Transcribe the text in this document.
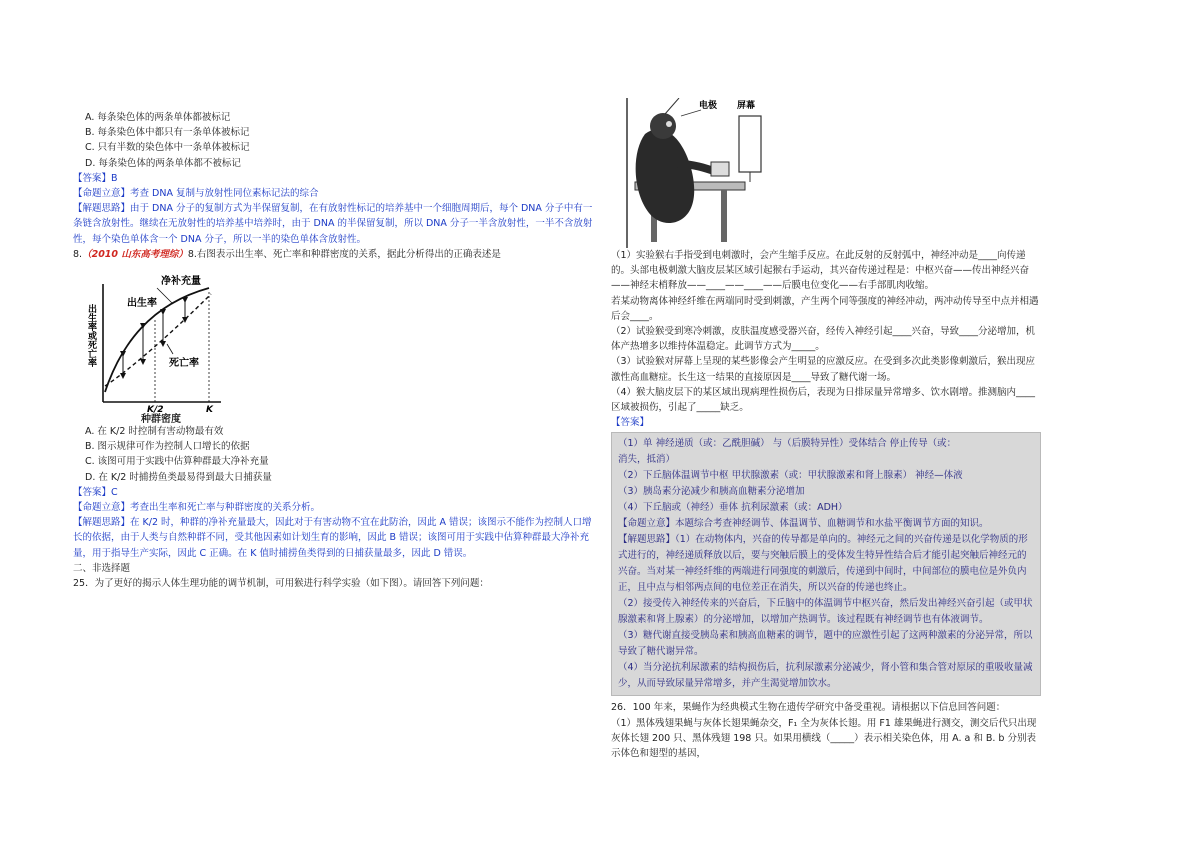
A. 每条染色体的两条单体都被标记
B. 每条染色体中都只有一条单体被标记
C. 只有半数的染色体中一条单体被标记
D. 每条染色体的两条单体都不被标记
【答案】B
【命题立意】考查 DNA 复制与放射性同位素标记法的综合
【解题思路】由于 DNA 分子的复制方式为半保留复制，在有放射性标记的培养基中一个细胞周期后，每个 DNA 分子中有一条链含放射性。继续在无放射性的培养基中培养时，由于 DNA 的半保留复制，所以 DNA 分子一半含放射性，一半不含放射性，每个染色单体含一个 DNA 分子，所以一半的染色单体含放射性。
8.（2010 山东高考理综）8.右图表示出生率、死亡率和种群密度的关系，据此分析得出的正确表述是
净补充量
出生率
死亡率
K/2	K
出生率或死亡率
种群密度
A. 在 K/2 时控制有害动物最有效
B. 图示规律可作为控制人口增长的依据
C. 该图可用于实践中估算种群最大净补充量
D. 在 K/2 时捕捞鱼类最易得到最大日捕获量
【答案】C
【命题立意】考查出生率和死亡率与种群密度的关系分析。
【解题思路】在 K/2 时，种群的净补充量最大，因此对于有害动物不宜在此防治，因此 A 错误；该图示不能作为控制人口增长的依据，由于人类与自然种群不同，受其他因素如计划生育的影响，因此 B 错误；该图可用于实践中估算种群最大净补充量，用于指导生产实际，因此 C 正确。在 K 值时捕捞鱼类得到的日捕获量最多，因此 D 错误。
二、非选择题
25．为了更好的揭示人体生理功能的调节机制，可用猴进行科学实验（如下图）。请回答下列问题：
电极 屏幕
（1）实验猴右手指受到电刺激时，会产生缩手反应。在此反射的反射弧中，神经冲动是____向传递的。头部电极刺激大脑皮层某区域引起猴右手运动，其兴奋传递过程是：中枢兴奋——传出神经兴奋——神经末梢释放——____——____——后膜电位变化——右手部肌肉收缩。
若某动物离体神经纤维在两端同时受到刺激，产生两个同等强度的神经冲动，两冲动传导至中点并相遇后会____。
（2）试验猴受到寒冷刺激，皮肤温度感受器兴奋，经传入神经引起____兴奋，导致____分泌增加，机体产热增多以维持体温稳定。此调节方式为_____。
（3）试验猴对屏幕上呈现的某些影像会产生明显的应激反应。在受到多次此类影像刺激后，猴出现应激性高血糖症。长生这一结果的直接原因是____导致了糖代谢一场。
（4）猴大脑皮层下的某区域出现病理性损伤后，表现为日排尿量异常增多、饮水剧增。推测脑内____区域被损伤，引起了_____缺乏。
【答案】
（1）单 神经递质（或：乙酰胆碱） 与（后膜特异性）受体结合 停止传导（或：
消失，抵消）
（2）下丘脑体温调节中枢 甲状腺激素（或：甲状腺激素和肾上腺素） 神经—体液
（3）胰岛素分泌减少和胰高血糖素分泌增加
（4）下丘脑或（神经）垂体 抗利尿激素（或：ADH）
【命题立意】本题综合考查神经调节、体温调节、血糖调节和水盐平衡调节方面的知识。
【解题思路】（1）在动物体内，兴奋的传导都是单向的。神经元之间的兴奋传递是以化学物质的形式进行的，神经递质释放以后，要与突触后膜上的受体发生特异性结合后才能引起突触后神经元的兴奋。当对某一神经纤维的两端进行同强度的刺激后，传递到中间时，中间部位的膜电位是外负内正，且中点与相邻两点间的电位差正在消失，所以兴奋的传递也终止。
（2）接受传入神经传来的兴奋后，下丘脑中的体温调节中枢兴奋，然后发出神经兴奋引起（或甲状腺激素和肾上腺素）的分泌增加，以增加产热调节。该过程既有神经调节也有体液调节。
（3）糖代谢直接受胰岛素和胰高血糖素的调节，题中的应激性引起了这两种激素的分泌异常，所以导致了糖代谢异常。
（4）当分泌抗利尿激素的结构损伤后，抗利尿激素分泌减少，肾小管和集合管对原尿的重吸收量减少，从而导致尿量异常增多，并产生渴觉增加饮水。
26．100 年来，果蝇作为经典模式生物在遗传学研究中备受重视。请根据以下信息回答问题：
（1）黑体残翅果蝇与灰体长翅果蝇杂交，F₁ 全为灰体长翅。用 F1 雄果蝇进行测交，测交后代只出现灰体长翅 200 只、黑体残翅 198 只。如果用横线（_____）表示相关染色体，用 A. a 和 B. b 分别表示体色和翅型的基因，
